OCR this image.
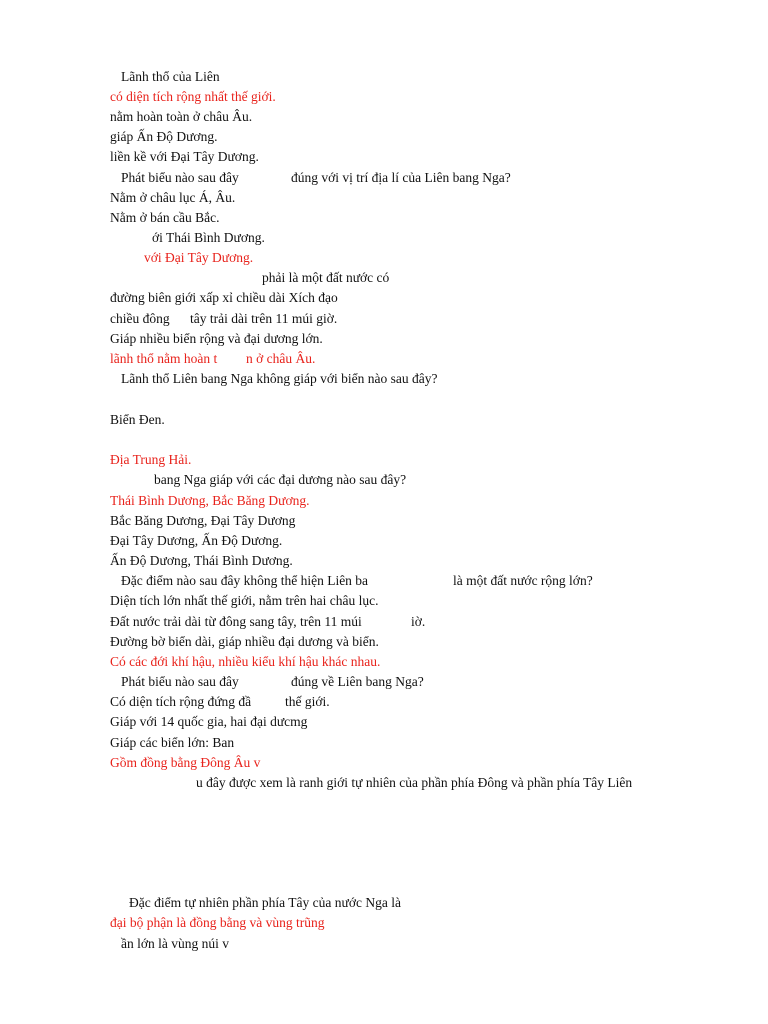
Lãnh thổ của Liên

có diện tích rộng nhất thế giới.

nằm hoàn toàn ở châu Âu.

giáp Ấn Độ Dương.

liền kề với Đại Tây Dương.

Phát biểu nào sau đây	đúng với vị trí địa lí của Liên bang Nga?

Nằm ở châu lục Á, Âu.

Nằm ở bán cầu Bắc.

ới Thái Bình Dương.

với Đại Tây Dương.

phải là một đất nước có

đường biên giới xấp xỉ chiều dài Xích đạo

chiều đông tây trải dài trên 11 múi giờ.

Giáp nhiều biển rộng và đại dương lớn.

lãnh thổ nằm hoàn t n ở châu Âu.

Lãnh thổ Liên bang Nga không giáp với biển nào sau đây?

Biển Đen.

Địa Trung Hải.

bang Nga giáp với các đại dương nào sau đây?

Thái Bình Dương, Bắc Băng Dương.

Bắc Băng Dương, Đại Tây Dương

Đại Tây Dương, Ấn Độ Dương.

Ấn Độ Dương, Thái Bình Dương.

Đặc điểm nào sau đây không thể hiện Liên ba	là một đất nước rộng lớn?

Diện tích lớn nhất thế giới, nằm trên hai châu lục.

Đất nước trải dài từ đông sang tây, trên 11 múi	iờ.

Đường bờ biển dài, giáp nhiều đại dương và biển.

Có các đới khí hậu, nhiều kiểu khí hậu khác nhau.

Phát biểu nào sau đây	đúng về Liên bang Nga?

Có diện tích rộng đứng đầ	thế giới.

Giáp với 14 quốc gia, hai đại dưcmg

Giáp các biển lớn: Ban

Gồm đồng bằng Đông Âu v

u đây được xem là ranh giới tự nhiên của phần phía Đông và phần phía Tây Liên

Đặc điểm tự nhiên phần phía Tây của nước Nga là

đại bộ phận là đồng bằng và vùng trũng

ần lớn là vùng núi v
